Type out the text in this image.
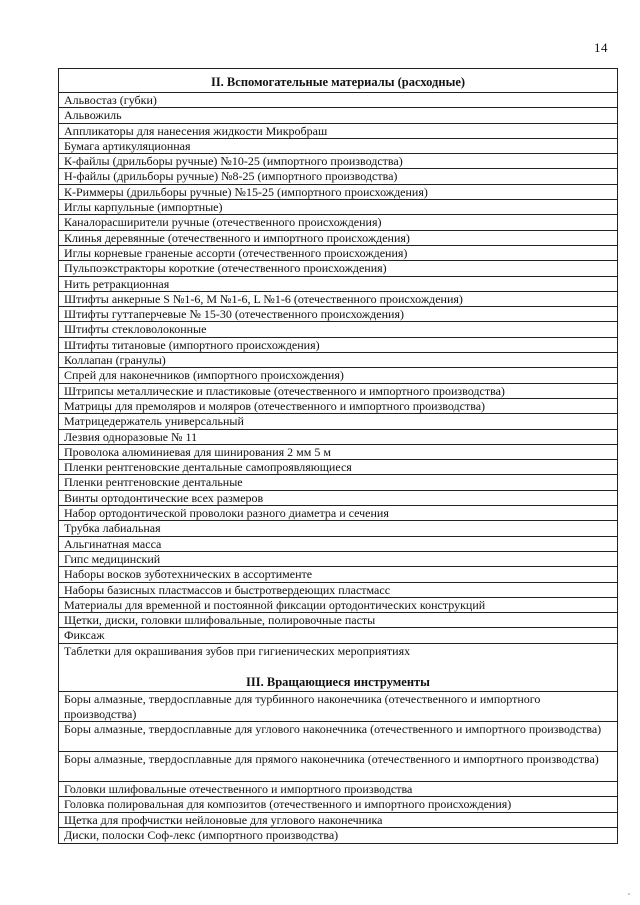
14
II. Вспомогательные материалы (расходные)
Альвостаз (губки)
Альвожиль
Аппликаторы для нанесения жидкости Микробраш
Бумага артикуляционная
К-файлы (дрильборы ручные) №10-25 (импортного производства)
Н-файлы (дрильборы ручные) №8-25 (импортного производства)
К-Риммеры (дрильборы ручные) №15-25 (импортного происхождения)
Иглы карпульные (импортные)
Каналорасширители ручные (отечественного происхождения)
Клинья деревянные (отечественного и импортного происхождения)
Иглы корневые граненые ассорти (отечественного происхождения)
Пульпоэкстракторы короткие (отечественного происхождения)
Нить ретракционная
Штифты анкерные S №1-6, M №1-6, L №1-6 (отечественного происхождения)
Штифты гуттаперчевые № 15-30 (отечественного происхождения)
Штифты стекловолоконные
Штифты титановые (импортного происхождения)
Коллапан (гранулы)
Спрей для наконечников (импортного происхождения)
Штрипсы металлические и пластиковые (отечественного и импортного производства)
Матрицы для премоляров и моляров (отечественного и импортного производства)
Матрицедержатель универсальный
Лезвия одноразовые № 11
Проволока алюминиевая для шинирования 2 мм 5 м
Пленки рентгеновские дентальные самопроявляющиеся
Пленки рентгеновские дентальные
Винты ортодонтические всех размеров
Набор ортодонтической проволоки разного диаметра и сечения
Трубка лабиальная
Альгинатная масса
Гипс медицинский
Наборы восков зуботехнических в ассортименте
Наборы базисных пластмассов и быстротвердеющих пластмасс
Материалы для временной и постоянной фиксации ортодонтических конструкций
Щетки, диски, головки шлифовальные, полировочные пасты
Фиксаж
Таблетки для окрашивания зубов при гигиенических мероприятиях
III. Вращающиеся инструменты
Боры алмазные, твердосплавные для турбинного наконечника (отечественного и импортного производства)
Боры алмазные, твердосплавные для углового наконечника (отечественного и импортного производства)
Боры алмазные, твердосплавные для прямого наконечника (отечественного и импортного производства)
Головки шлифовальные отечественного и импортного производства
Головка полировальная для композитов (отечественного и импортного происхождения)
Щетка для профчистки нейлоновые для углового наконечника
Диски, полоски Соф-лекс (импортного производства)
